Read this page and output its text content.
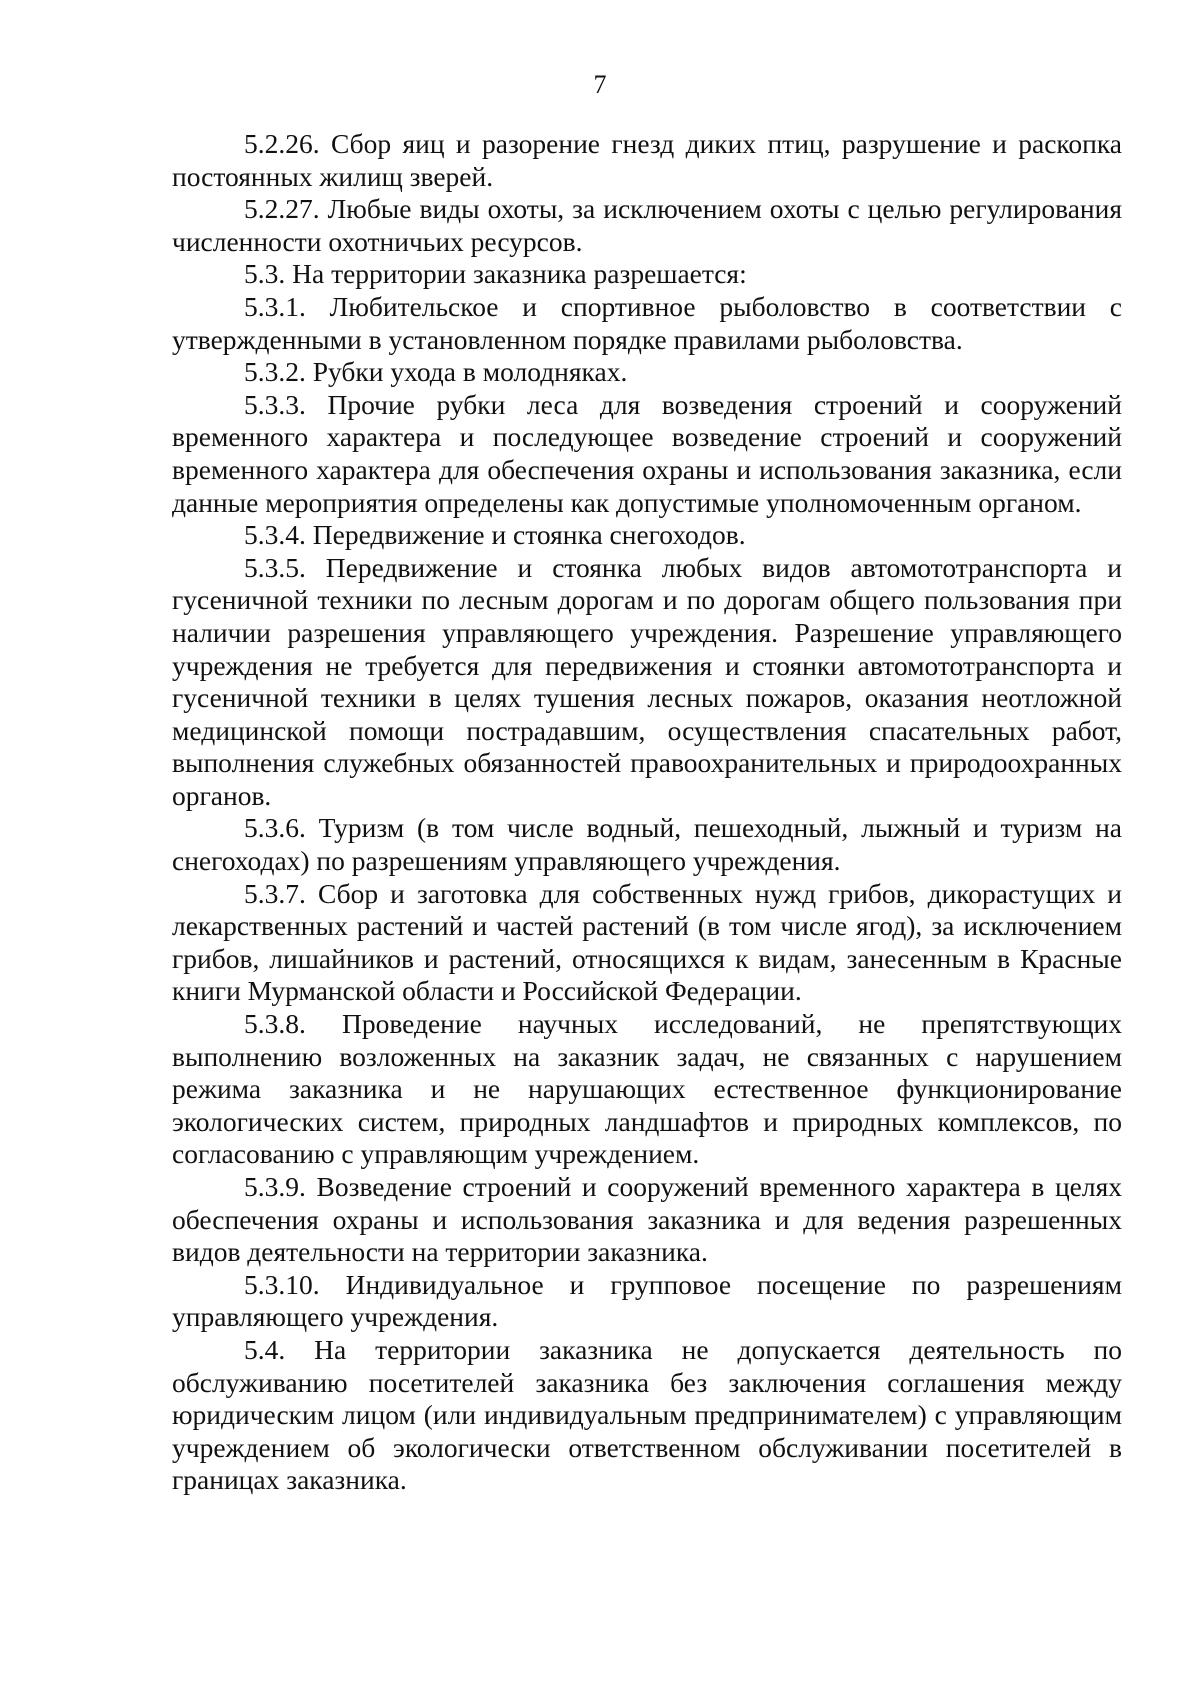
7

5.2.26. Сбор яиц и разорение гнезд диких птиц, разрушение и раскопка постоянных жилищ зверей.

5.2.27. Любые виды охоты, за исключением охоты с целью регулирования численности охотничьих ресурсов.

5.3. На территории заказника разрешается:

5.3.1. Любительское и спортивное рыболовство в соответствии с утвержденными в установленном порядке правилами рыболовства.

5.3.2. Рубки ухода в молодняках.

5.3.3. Прочие рубки леса для возведения строений и сооружений временного характера и последующее возведение строений и сооружений временного характера для обеспечения охраны и использования заказника, если данные мероприятия определены как допустимые уполномоченным органом.

5.3.4. Передвижение и стоянка снегоходов.

5.3.5. Передвижение и стоянка любых видов автомототранспорта и гусеничной техники по лесным дорогам и по дорогам общего пользования при наличии разрешения управляющего учреждения. Разрешение управляющего учреждения не требуется для передвижения и стоянки автомототранспорта и гусеничной техники в целях тушения лесных пожаров, оказания неотложной медицинской помощи пострадавшим, осуществления спасательных работ, выполнения служебных обязанностей правоохранительных и природоохранных органов.

5.3.6. Туризм (в том числе водный, пешеходный, лыжный и туризм на снегоходах) по разрешениям управляющего учреждения.

5.3.7. Сбор и заготовка для собственных нужд грибов, дикорастущих и лекарственных растений и частей растений (в том числе ягод), за исключением грибов, лишайников и растений, относящихся к видам, занесенным в Красные книги Мурманской области и Российской Федерации.

5.3.8. Проведение научных исследований, не препятствующих выполнению возложенных на заказник задач, не связанных с нарушением режима заказника и не нарушающих естественное функционирование экологических систем, природных ландшафтов и природных комплексов, по согласованию с управляющим учреждением.

5.3.9. Возведение строений и сооружений временного характера в целях обеспечения охраны и использования заказника и для ведения разрешенных видов деятельности на территории заказника.

5.3.10. Индивидуальное и групповое посещение по разрешениям управляющего учреждения.

5.4. На территории заказника не допускается деятельность по обслуживанию посетителей заказника без заключения соглашения между юридическим лицом (или индивидуальным предпринимателем) с управляющим учреждением об экологически ответственном обслуживании посетителей в границах заказника.
